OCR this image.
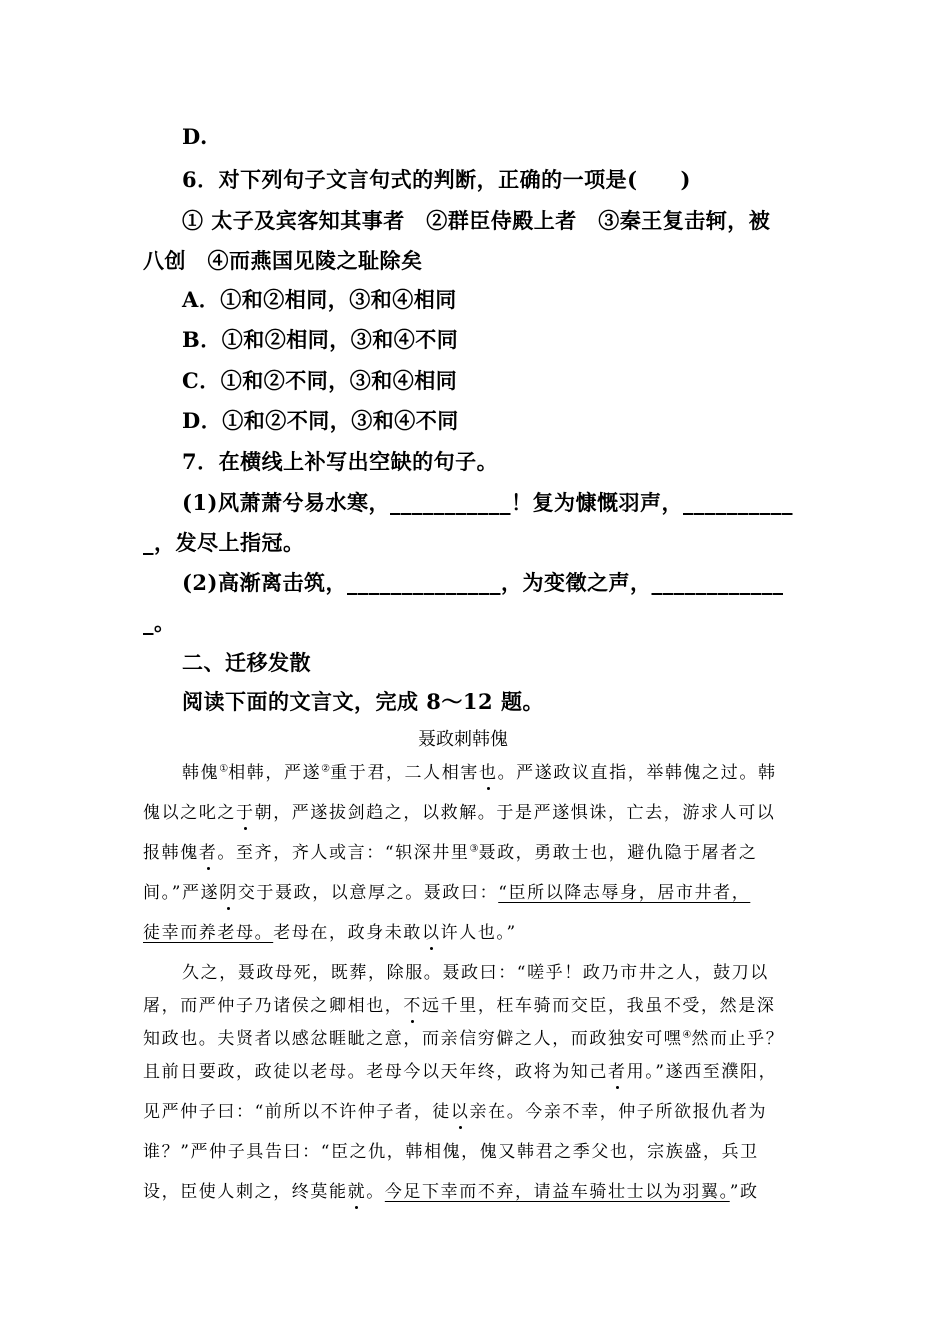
D.
6．对下列句子文言句式的判断，正确的一项是(　　)
① 太子及宾客知其事者　②群臣侍殿上者　③秦王复击轲，被
八创　④而燕国见陵之耻除矣
A．①和②相同，③和④相同
B．①和②相同，③和④不同
C．①和②不同，③和④相同
D．①和②不同，③和④不同
7．在横线上补写出空缺的句子。
(1)风萧萧兮易水寒，___________！复为慷慨羽声，__________
_，发尽上指冠。
(2)高渐离击筑，______________，为变徵之声，____________
_。
二、迁移发散
阅读下面的文言文，完成 8～12 题。
聂政刺韩傀
韩傀①相韩，严遂②重于君，二人相害也。严遂政议直指，举韩傀之过。韩
傀以之叱之于朝，严遂拔剑趋之，以救解。于是严遂惧诛，亡去，游求人可以
报韩傀者。至齐，齐人或言：“轵深井里③聂政，勇敢士也，避仇隐于屠者之
间。”严遂阴交于聂政，以意厚之。聂政曰：“臣所以降志辱身，居市井者，
徒幸而养老母。老母在，政身未敢以许人也。”
久之，聂政母死，既葬，除服。聂政曰：“嗟乎！政乃市井之人，鼓刀以
屠，而严仲子乃诸侯之卿相也，不远千里，枉车骑而交臣，我虽不受，然是深
知政也。夫贤者以感忿睚眦之意，而亲信穷僻之人，而政独安可嘿④然而止乎？
且前日要政，政徒以老母。老母今以天年终，政将为知己者用。”遂西至濮阳，
见严仲子曰：“前所以不许仲子者，徒以亲在。今亲不幸，仲子所欲报仇者为
谁？”严仲子具告曰：“臣之仇，韩相傀，傀又韩君之季父也，宗族盛，兵卫
设，臣使人刺之，终莫能就。今足下幸而不弃，请益车骑壮士以为羽翼。”政
